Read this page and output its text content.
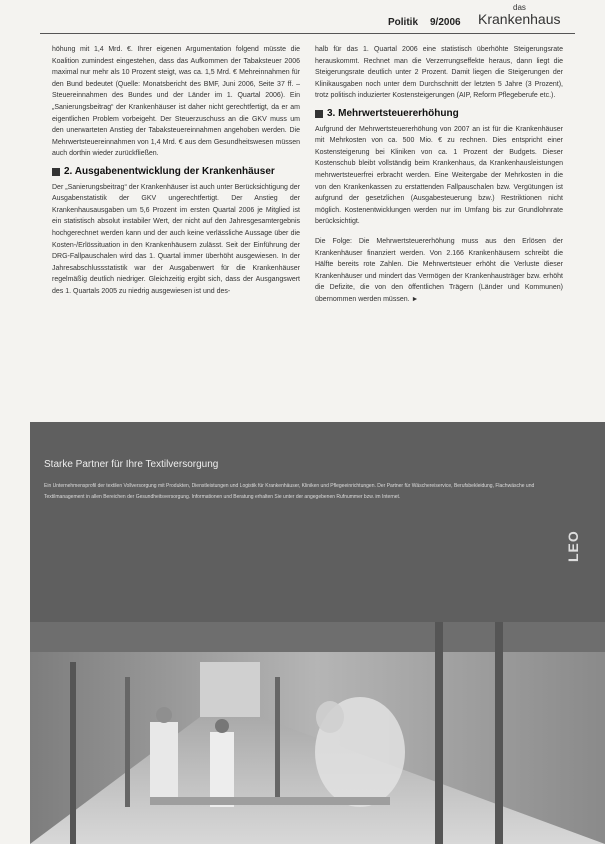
Politik 9/2006
das
Krankenhaus

höhung mit 1,4 Mrd. €. Ihrer eigenen Argumentation folgend müsste die Koalition zumindest eingestehen, dass das Aufkommen der Tabaksteuer 2006 maximal nur mehr als 10 Prozent steigt, was ca. 1,5 Mrd. € Mehreinnahmen für den Bund bedeutet (Quelle: Monatsbericht des BMF, Juni 2006, Seite 37 ff. – Steuereinnahmen des Bundes und der Länder im 1. Quartal 2006). Ein „Sanierungsbeitrag“ der Krankenhäuser ist daher nicht gerechtfertigt, da er am eigentlichen Problem vorbeigeht. Der Steuerzuschuss an die GKV muss um den unerwarteten Anstieg der Tabaksteuereinnahmen angehoben werden. Die Mehrwertsteuereinnahmen von 1,4 Mrd. € aus dem Gesundheitswesen müssen auch dorthin wieder zurückfließen.

2. Ausgabenentwicklung der Krankenhäuser

Der „Sanierungsbeitrag“ der Krankenhäuser ist auch unter Berücksichtigung der Ausgabenstatistik der GKV ungerechtfertigt. Der Anstieg der Krankenhausausgaben um 5,6 Prozent im ersten Quartal 2006 je Mitglied ist ein statistisch absolut instabiler Wert, der nicht auf den Jahresgesamtergebnis hochgerechnet werden kann und der auch keine verlässliche Aussage über die Kosten-/Erlössituation in den Krankenhäusern zulässt. Seit der Einführung der DRG-Fallpauschalen wird das 1. Quartal immer überhöht ausgewiesen. In der Jahresabschlussstatistik war der Ausgabenwert für die Krankenhäuser regelmäßig deutlich niedriger. Gleichzeitig ergibt sich, dass der Ausgangswert des 1. Quartals 2005 zu niedrig ausgewiesen ist und des-

halb für das 1. Quartal 2006 eine statistisch überhöhte Steigerungsrate herauskommt. Rechnet man die Verzerrungseffekte heraus, dann liegt die Steigerungsrate deutlich unter 2 Prozent. Damit liegen die Steigerungen der Klinikausgaben noch unter dem Durchschnitt der letzten 5 Jahre (3 Prozent), trotz politisch induzierter Kostensteigerungen (AIP, Reform Pflegeberufe etc.).

3. Mehrwertsteuererhöhung

Aufgrund der Mehrwertsteuererhöhung von 2007 an ist für die Krankenhäuser mit Mehrkosten von ca. 500 Mio. € zu rechnen. Dies entspricht einer Kostensteigerung bei Kliniken von ca. 1 Prozent der Budgets. Dieser Kostenschub bleibt vollständig beim Krankenhaus, da Krankenhausleistungen mehrwertsteuerfrei erbracht werden. Eine Weitergabe der Mehrkosten in die von den Krankenkassen zu erstattenden Fallpauschalen bzw. Vergütungen ist aufgrund der gesetzlichen (Ausgabesteuerung bzw.) Restriktionen nicht möglich. Kostenentwicklungen werden nur im Umfang bis zur Grundlohnrate berücksichtigt.

Die Folge: Die Mehrwertsteuererhöhung muss aus den Erlösen der Krankenhäuser finanziert werden. Von 2.166 Krankenhäusern schreibt die Hälfte bereits rote Zahlen. Die Mehrwertsteuer erhöht die Verluste dieser Krankenhäuser und mindert das Vermögen der Krankenhausträger bzw. erhöht die Defizite, die von den öffentlichen Trägern (Länder und Kommunen) übernommen werden müssen. ►

Starke Partner für Ihre Textilversorgung
Ein Unternehmensprofil der textilen Vollversorgung mit Produkten, Dienstleistungen und Logistik für Krankenhäuser, Kliniken und Pflegeeinrichtungen. Der Partner für Wäschereiservice, Berufsbekleidung, Flachwäsche und Textilmanagement in allen Bereichen der Gesundheitsversorgung. Informationen und Beratung erhalten Sie unter der angegebenen Rufnummer bzw. im Internet.
LEO
